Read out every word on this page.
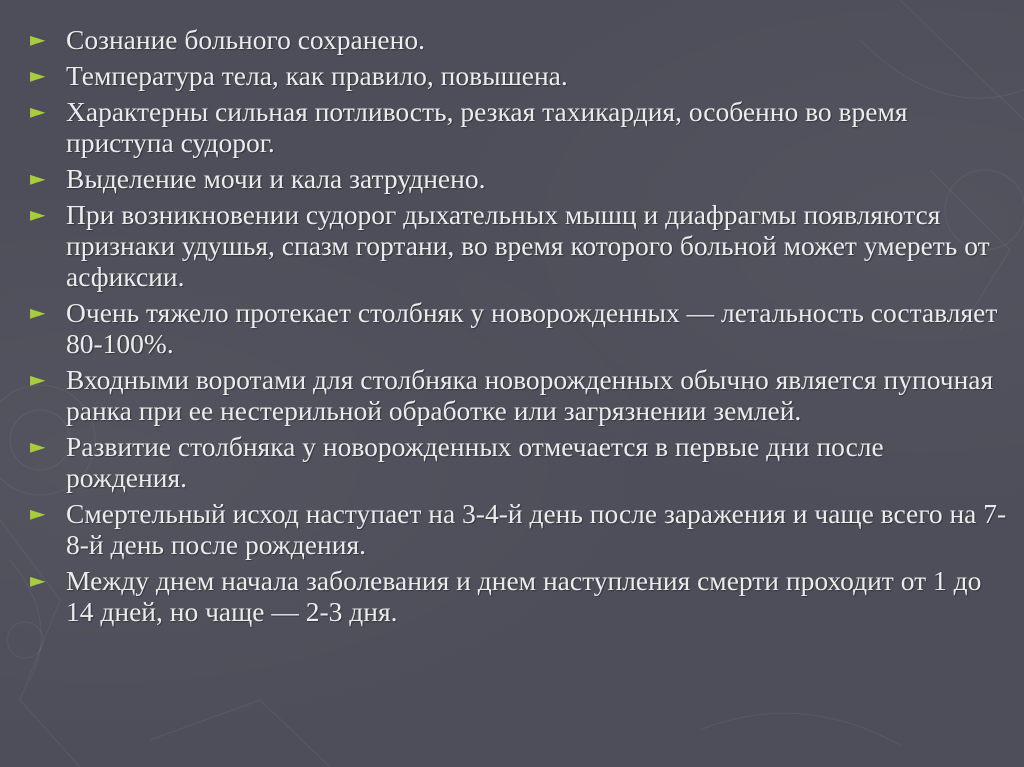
► Сознание больного сохранено.
► Температура тела, как правило, повышена.
► Характерны сильная потливость, резкая тахикардия, особенно во время приступа судорог.
► Выделение мочи и кала затруднено.
► При возникновении судорог дыхательных мышц и диафрагмы появляются признаки удушья, спазм гортани, во время которого больной может умереть от асфиксии.
► Очень тяжело протекает столбняк у новорожденных — летальность составляет 80-100%.
► Входными воротами для столбняка новорожденных обычно является пупочная ранка при ее нестерильной обработке или загрязнении землей.
► Развитие столбняка у новорожденных отмечается в первые дни после рождения.
► Смертельный исход наступает на 3-4-й день после заражения и чаще всего на 7-8-й день после рождения.
► Между днем начала заболевания и днем наступления смерти проходит от 1 до 14 дней, но чаще — 2-3 дня.
